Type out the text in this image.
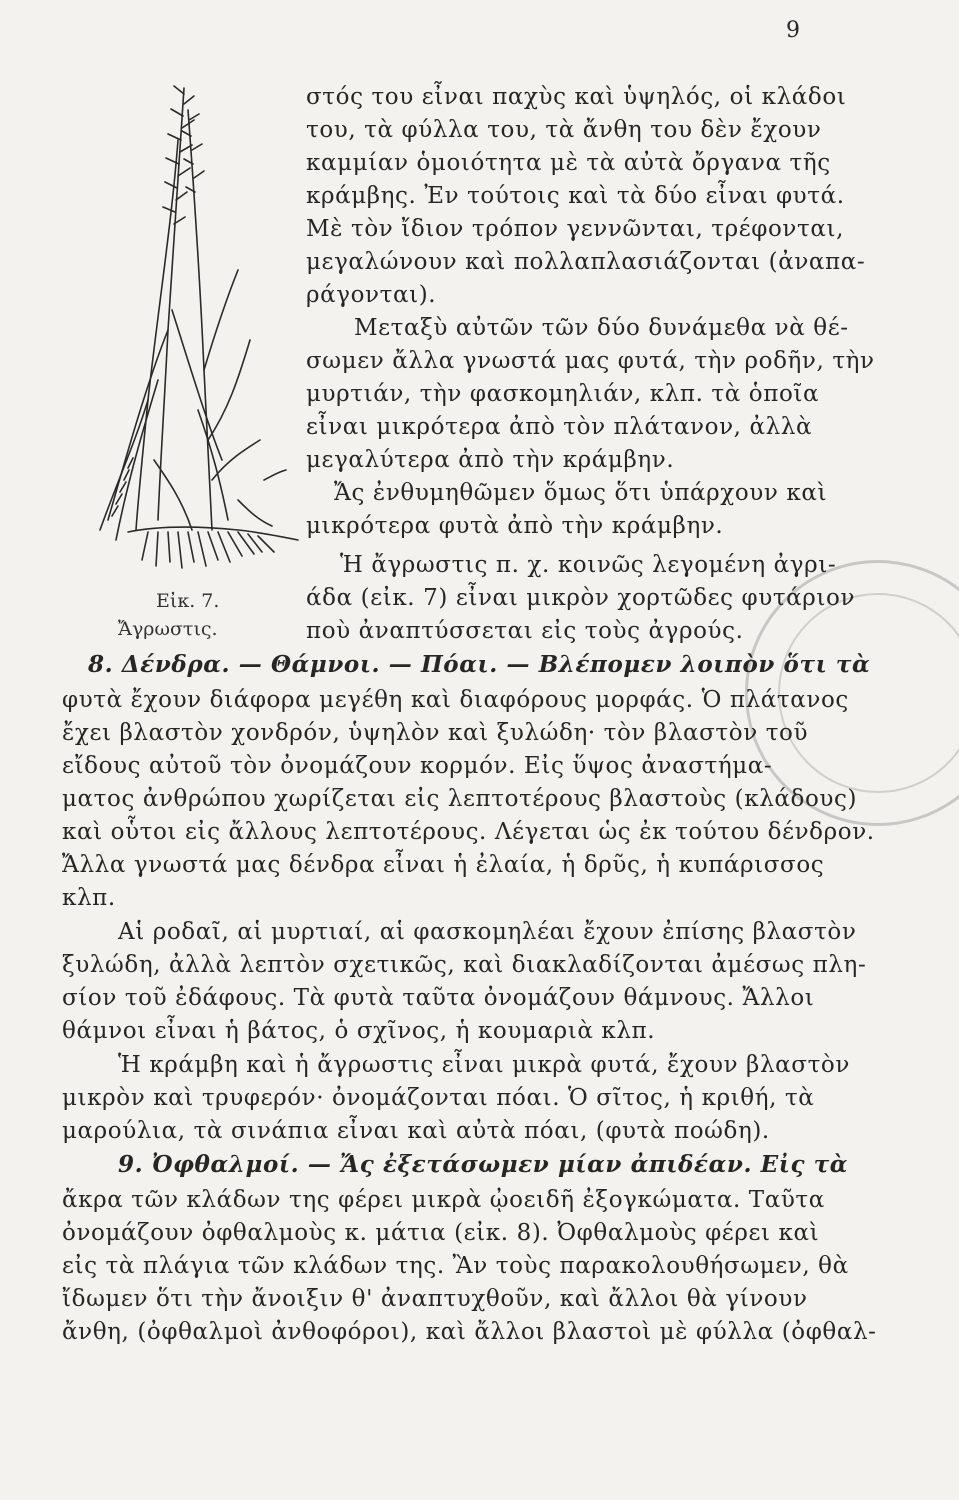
9
Εἰκ. 7.
Ἄγρωστις.
στός του εἶναι παχὺς καὶ ὑψηλός, οἱ κλάδοι
του, τὰ φύλλα του, τὰ ἄνθη του δὲν ἔχουν
καμμίαν ὁμοιότητα μὲ τὰ αὐτὰ ὄργανα τῆς
κράμβης. Ἐν τούτοις καὶ τὰ δύο εἶναι φυτά.
Μὲ τὸν ἴδιον τρόπον γεννῶνται, τρέφονται,
μεγαλώνουν καὶ πολλαπλασιάζονται (ἀναπα-
ράγονται).
Μεταξὺ αὐτῶν τῶν δύο δυνάμεθα νὰ θέ-
σωμεν ἄλλα γνωστά μας φυτά, τὴν ροδῆν, τὴν
μυρτιάν, τὴν φασκομηλιάν, κλπ. τὰ ὁποῖα
εἶναι μικρότερα ἀπὸ τὸν πλάτανον, ἀλλὰ
μεγαλύτερα ἀπὸ τὴν κράμβην.
Ἄς ἐνθυμηθῶμεν ὅμως ὅτι ὑπάρχουν καὶ
μικρότερα φυτὰ ἀπὸ τὴν κράμβην.
Ἡ ἄγρωστις π. χ. κοινῶς λεγομένη ἀγρι-
άδα (εἰκ. 7) εἶναι μικρὸν χορτῶδες φυτάριον
ποὺ ἀναπτύσσεται εἰς τοὺς ἀγρούς.
8. Δένδρα. — Θάμνοι. — Πόαι. — Βλέπομεν λοιπὸν ὅτι τὰ
φυτὰ ἔχουν διάφορα μεγέθη καὶ διαφόρους μορφάς. Ὁ πλάτανος
ἔχει βλαστὸν χονδρόν, ὑψηλὸν καὶ ξυλώδη· τὸν βλαστὸν τοῦ
εἴδους αὐτοῦ τὸν ὀνομάζουν κορμόν. Εἰς ὕψος ἀναστήμα-
ματος ἀνθρώπου χωρίζεται εἰς λεπτοτέρους βλαστοὺς (κλάδους)
καὶ οὗτοι εἰς ἄλλους λεπτοτέρους. Λέγεται ὡς ἐκ τούτου δένδρον.
Ἄλλα γνωστά μας δένδρα εἶναι ἡ ἐλαία, ἡ δρῦς, ἡ κυπάρισσος
κλπ.
Αἱ ροδαῖ, αἱ μυρτιαί, αἱ φασκομηλέαι ἔχουν ἐπίσης βλαστὸν
ξυλώδη, ἀλλὰ λεπτὸν σχετικῶς, καὶ διακλαδίζονται ἀμέσως πλη-
σίον τοῦ ἐδάφους. Τὰ φυτὰ ταῦτα ὀνομάζουν θάμνους. Ἄλλοι
θάμνοι εἶναι ἡ βάτος, ὁ σχῖνος, ἡ κουμαριὰ κλπ.
Ἡ κράμβη καὶ ἡ ἄγρωστις εἶναι μικρὰ φυτά, ἔχουν βλαστὸν
μικρὸν καὶ τρυφερόν· ὀνομάζονται πόαι. Ὁ σῖτος, ἡ κριθή, τὰ
μαρούλια, τὰ σινάπια εἶναι καὶ αὐτὰ πόαι, (φυτὰ ποώδη).
9. Ὀφθαλμοί. — Ἄς ἐξετάσωμεν μίαν ἀπιδέαν. Εἰς τὰ
ἄκρα τῶν κλάδων της φέρει μικρὰ ᾠοειδῆ ἐξογκώματα. Ταῦτα
ὀνομάζουν ὀφθαλμοὺς κ. μάτια (εἰκ. 8). Ὀφθαλμοὺς φέρει καὶ
εἰς τὰ πλάγια τῶν κλάδων της. Ἂν τοὺς παρακολουθήσωμεν, θὰ
ἴδωμεν ὅτι τὴν ἄνοιξιν θ' ἀναπτυχθοῦν, καὶ ἄλλοι θὰ γίνουν
ἄνθη, (ὀφθαλμοὶ ἀνθοφόροι), καὶ ἄλλοι βλαστοὶ μὲ φύλλα (ὀφθαλ-
